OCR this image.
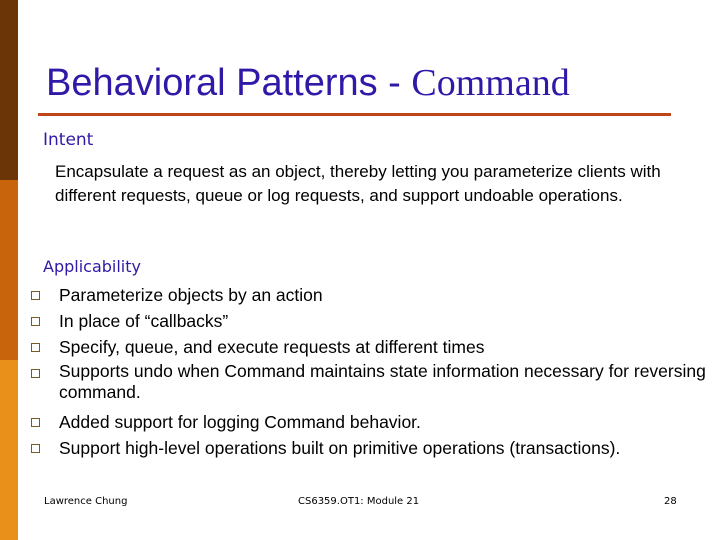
Behavioral Patterns - Command
Intent
Encapsulate a request as an object, thereby letting you parameterize clients with different requests, queue or log requests, and support undoable operations.
Applicability
Parameterize objects by an action
In place of “callbacks”
Specify, queue, and execute requests at different times
Supports undo when Command maintains state information necessary for reversing command.
Added support for logging Command behavior.
Support high-level operations built on primitive operations (transactions).
Lawrence Chung	CS6359.OT1: Module 21	28
